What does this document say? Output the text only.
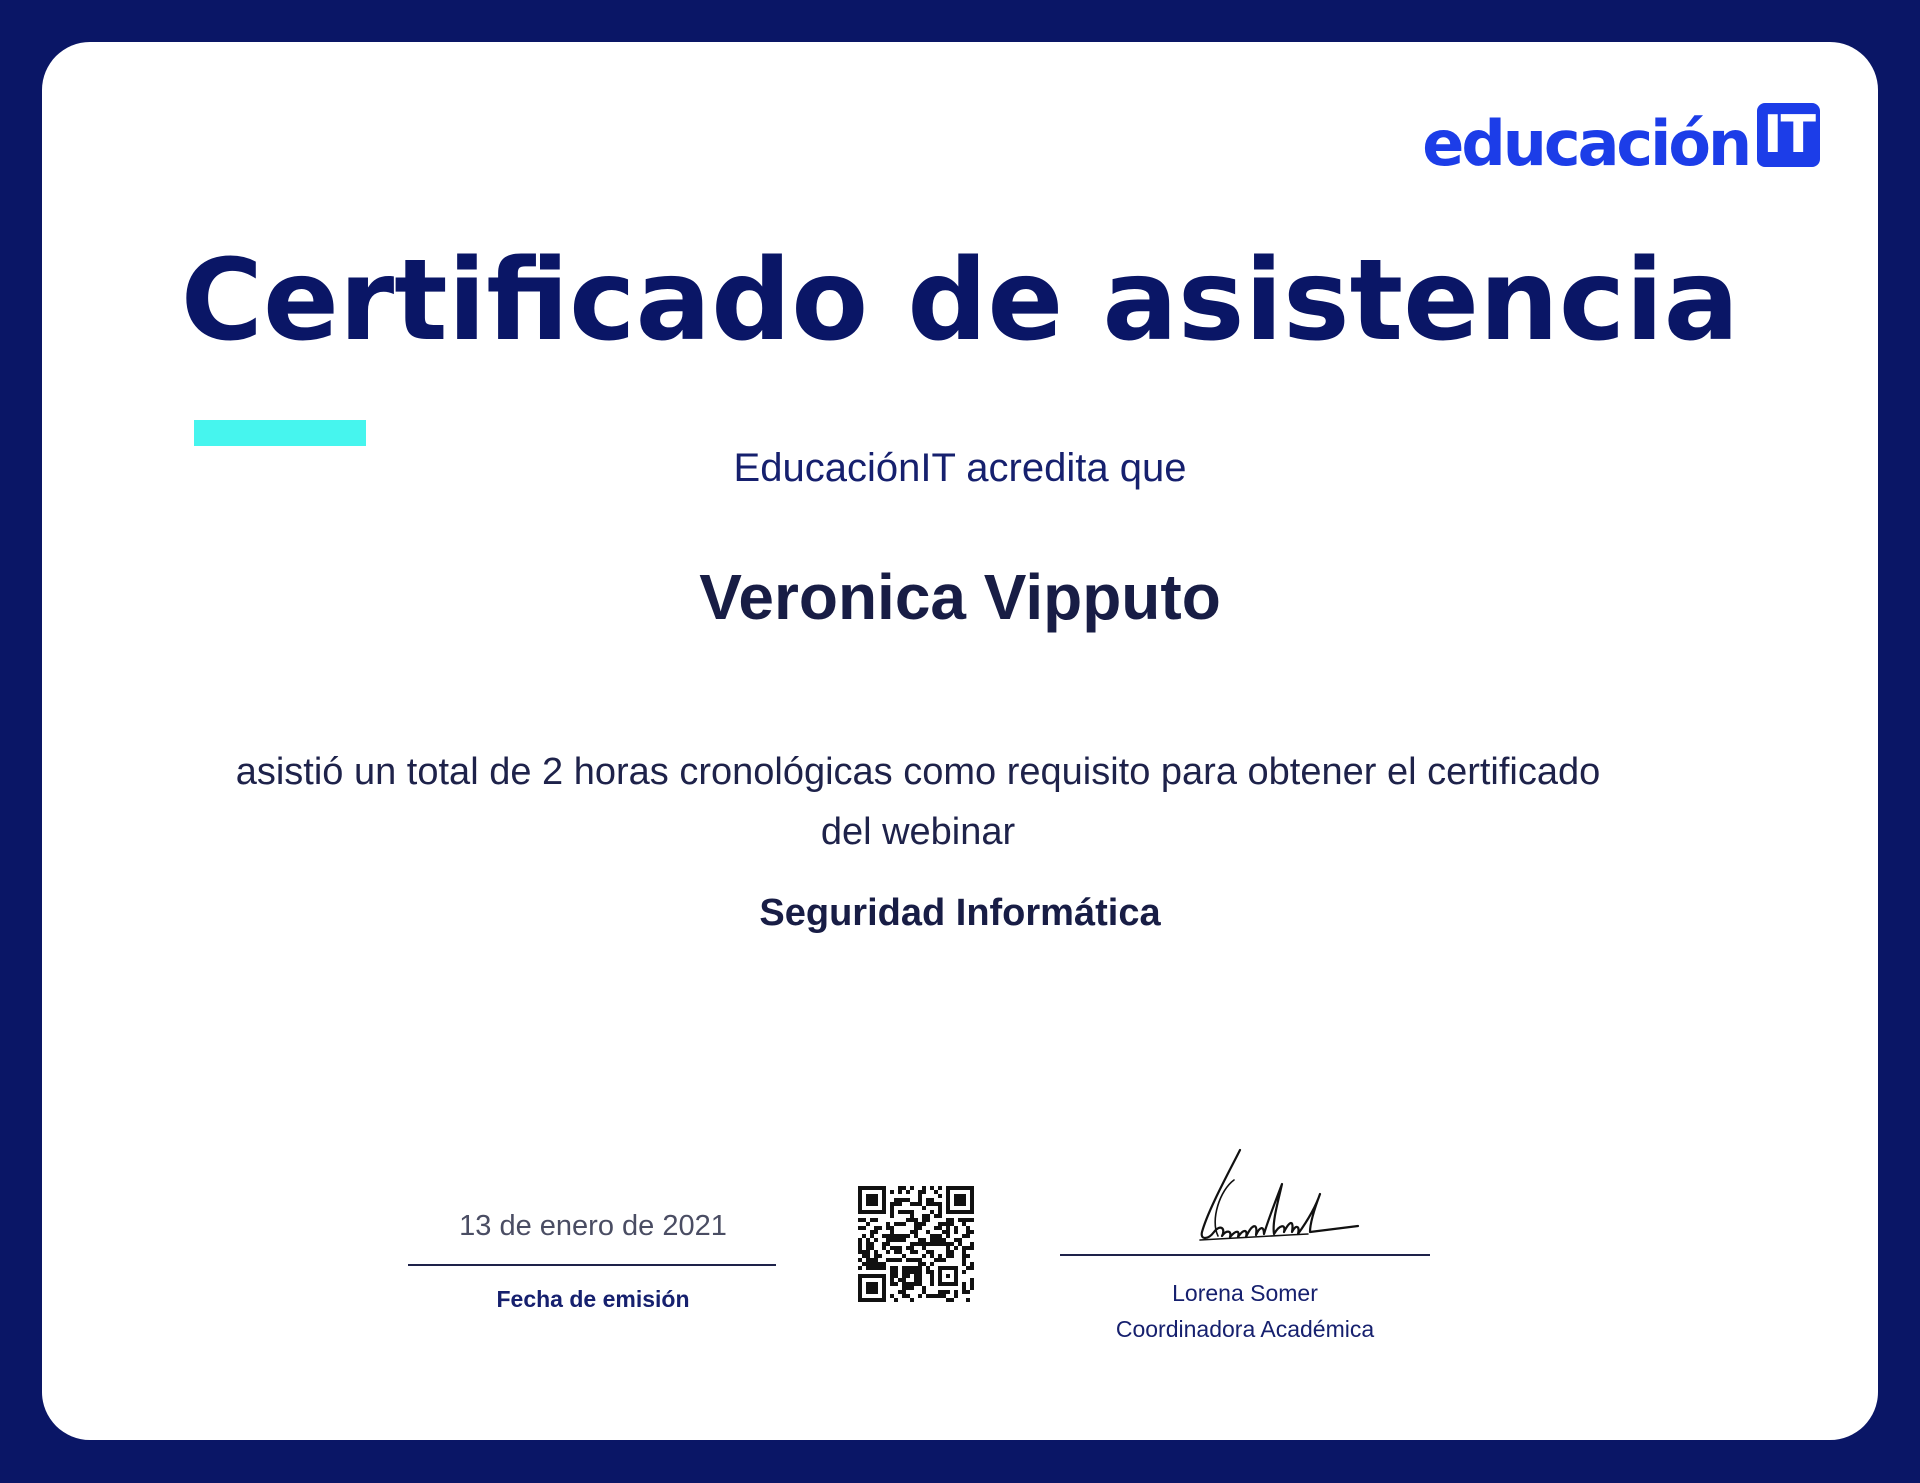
educación IT
Certificado de asistencia
EducaciónIT acredita que
Veronica Vipputo
asistió un total de 2 horas cronológicas como requisito para obtener el certificado
del webinar
Seguridad Informática
13 de enero de 2021
Fecha de emisión	Lorena Somer
Coordinadora Académica
